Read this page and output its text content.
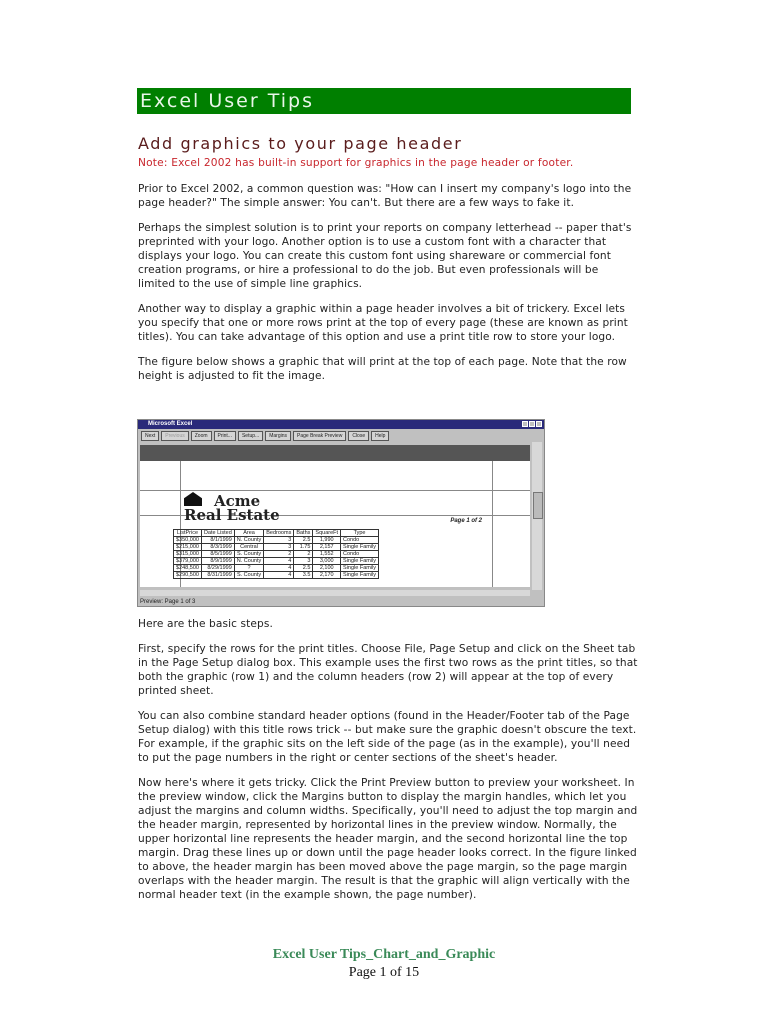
Excel User Tips
Add graphics to your page header
Note: Excel 2002 has built-in support for graphics in the page header or footer.

Prior to Excel 2002, a common question was: "How can I insert my company's logo into the page header?" The simple answer: You can't. But there are a few ways to fake it.

Perhaps the simplest solution is to print your reports on company letterhead -- paper that's preprinted with your logo. Another option is to use a custom font with a character that displays your logo. You can create this custom font using shareware or commercial font creation programs, or hire a professional to do the job. But even professionals will be limited to the use of simple line graphics.

Another way to display a graphic within a page header involves a bit of trickery. Excel lets you specify that one or more rows print at the top of every page (these are known as print titles). You can take advantage of this option and use a print title row to store your logo.

The figure below shows a graphic that will print at the top of each page. Note that the row height is adjusted to fit the image.

Microsoft Excel
Next	Previous	Zoom	Print...	Setup...	Margins	Page Break Preview	Close	Help
Acme
Real Estate	Page 1 of 2
ListPrice	Date Listed	Area	Bedrooms	Baths	SquareFt	Type
$350,000	8/1/1999	N. County	3	2.5	1,990	Condo
$215,000	8/3/1999	Central	3	1.75	2,157	Single Family
$315,000	8/5/1999	S. County	2	2	1,552	Condo
$379,000	8/9/1999	N. County	4	3	3,000	Single Family
$248,500	8/29/1999	?	4	2.5	2,100	Single Family
$290,500	8/31/1999	S. County	4	3.5	2,170	Single Family
Preview: Page 1 of 3

Here are the basic steps.

First, specify the rows for the print titles. Choose File, Page Setup and click on the Sheet tab in the Page Setup dialog box. This example uses the first two rows as the print titles, so that both the graphic (row 1) and the column headers (row 2) will appear at the top of every printed sheet.

You can also combine standard header options (found in the Header/Footer tab of the Page Setup dialog) with this title rows trick -- but make sure the graphic doesn't obscure the text. For example, if the graphic sits on the left side of the page (as in the example), you'll need to put the page numbers in the right or center sections of the sheet's header.

Now here's where it gets tricky. Click the Print Preview button to preview your worksheet. In the preview window, click the Margins button to display the margin handles, which let you adjust the margins and column widths. Specifically, you'll need to adjust the top margin and the header margin, represented by horizontal lines in the preview window. Normally, the upper horizontal line represents the header margin, and the second horizontal line the top margin. Drag these lines up or down until the page header looks correct. In the figure linked to above, the header margin has been moved above the page margin, so the page margin overlaps with the header margin. The result is that the graphic will align vertically with the normal header text (in the example shown, the page number).

Excel User Tips_Chart_and_Graphic
Page 1 of 15
